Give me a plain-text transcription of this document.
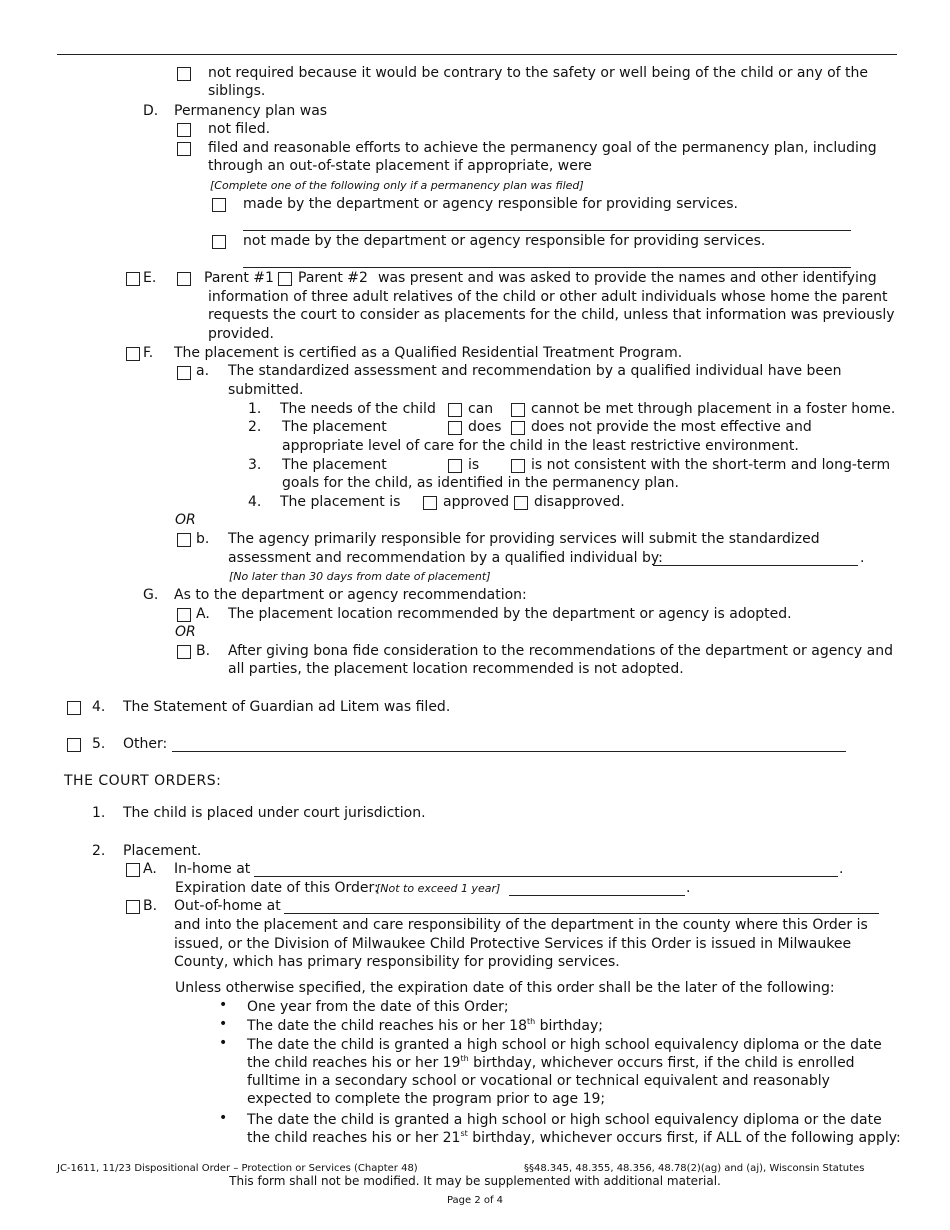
not required because it would be contrary to the safety or well being of the child or any of the
siblings.
D. Permanency plan was
not filed.
filed and reasonable efforts to achieve the permanency goal of the permanency plan, including
through an out-of-state placement if appropriate, were
[Complete one of the following only if a permanency plan was filed]
made by the department or agency responsible for providing services.
not made by the department or agency responsible for providing services.
E.	Parent #1 Parent #2 was present and was asked to provide the names and other identifying
information of three adult relatives of the child or other adult individuals whose home the parent
requests the court to consider as placements for the child, unless that information was previously
provided.
F. The placement is certified as a Qualified Residential Treatment Program.
a. The standardized assessment and recommendation by a qualified individual have been
submitted.
1. The needs of the child can	cannot be met through placement in a foster home.
2. The placement	does does not provide the most effective and
appropriate level of care for the child in the least restrictive environment.
3. The placement	is	is not consistent with the short-term and long-term
goals for the child, as identified in the permanency plan.
4. The placement is	approved disapproved.
OR
b. The agency primarily responsible for providing services will submit the standardized
assessment and recommendation by a qualified individual by:	.
[No later than 30 days from date of placement]
G. As to the department or agency recommendation:
A. The placement location recommended by the department or agency is adopted.
OR
B. After giving bona fide consideration to the recommendations of the department or agency and
all parties, the placement location recommended is not adopted.
4. The Statement of Guardian ad Litem was filed.
5. Other:
THE COURT ORDERS:
1. The child is placed under court jurisdiction.
2. Placement.
A. In-home at	.
Expiration date of this Order:
[Not to exceed 1 year]	.
B. Out-of-home at
and into the placement and care responsibility of the department in the county where this Order is
issued, or the Division of Milwaukee Child Protective Services if this Order is issued in Milwaukee
County, which has primary responsibility for providing services.
Unless otherwise specified, the expiration date of this order shall be the later of the following:
• One year from the date of this Order;
• The date the child reaches his or her 18th birthday;
• The date the child is granted a high school or high school equivalency diploma or the date
the child reaches his or her 19th birthday, whichever occurs first, if the child is enrolled
fulltime in a secondary school or vocational or technical equivalent and reasonably
expected to complete the program prior to age 19;
• The date the child is granted a high school or high school equivalency diploma or the date
the child reaches his or her 21st birthday, whichever occurs first, if ALL of the following apply:
JC-1611, 11/23 Dispositional Order – Protection or Services (Chapter 48)	§§48.345, 48.355, 48.356, 48.78(2)(ag) and (aj), Wisconsin Statutes
This form shall not be modified. It may be supplemented with additional material.
Page 2 of 4
